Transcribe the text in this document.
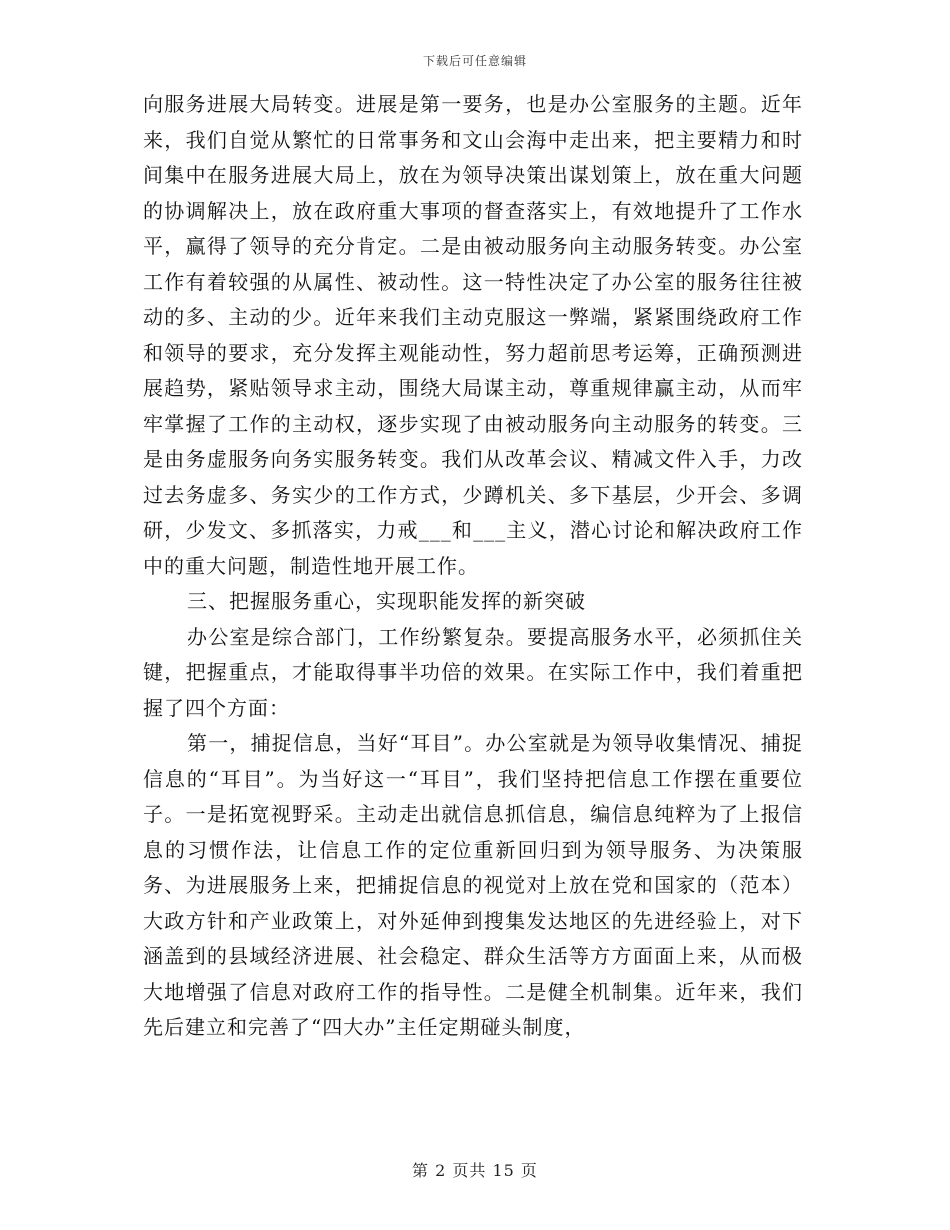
下载后可任意编辑

向服务进展大局转变。进展是第一要务，也是办公室服务的主题。近年来，我们自觉从繁忙的日常事务和文山会海中走出来，把主要精力和时间集中在服务进展大局上，放在为领导决策出谋划策上，放在重大问题的协调解决上，放在政府重大事项的督查落实上，有效地提升了工作水平，赢得了领导的充分肯定。二是由被动服务向主动服务转变。办公室工作有着较强的从属性、被动性。这一特性决定了办公室的服务往往被动的多、主动的少。近年来我们主动克服这一弊端，紧紧围绕政府工作和领导的要求，充分发挥主观能动性，努力超前思考运筹，正确预测进展趋势，紧贴领导求主动，围绕大局谋主动，尊重规律赢主动，从而牢牢掌握了工作的主动权，逐步实现了由被动服务向主动服务的转变。三是由务虚服务向务实服务转变。我们从改革会议、精减文件入手，力改过去务虚多、务实少的工作方式，少蹲机关、多下基层，少开会、多调研，少发文、多抓落实，力戒___和___主义，潜心讨论和解决政府工作中的重大问题，制造性地开展工作。

三、把握服务重心，实现职能发挥的新突破

办公室是综合部门，工作纷繁复杂。要提高服务水平，必须抓住关键，把握重点，才能取得事半功倍的效果。在实际工作中，我们着重把握了四个方面：

第一，捕捉信息，当好“耳目”。办公室就是为领导收集情况、捕捉信息的“耳目”。为当好这一“耳目”，我们坚持把信息工作摆在重要位子。一是拓宽视野采。主动走出就信息抓信息，编信息纯粹为了上报信息的习惯作法，让信息工作的定位重新回归到为领导服务、为决策服务、为进展服务上来，把捕捉信息的视觉对上放在党和国家的（范本）大政方针和产业政策上，对外延伸到搜集发达地区的先进经验上，对下涵盖到的县域经济进展、社会稳定、群众生活等方方面面上来，从而极大地增强了信息对政府工作的指导性。二是健全机制集。近年来，我们先后建立和完善了“四大办”主任定期碰头制度，

第 2 页共 15 页
